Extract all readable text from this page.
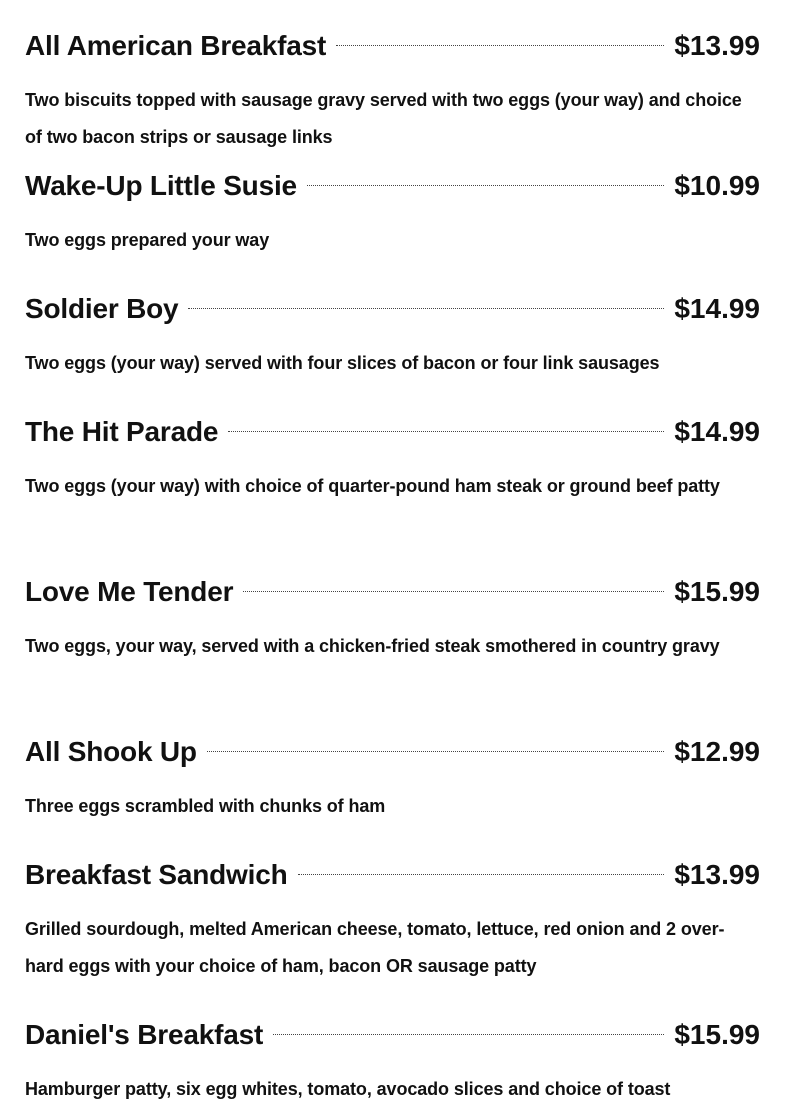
All American Breakfast	$13.99

Two biscuits topped with sausage gravy served with two eggs (your way) and choice of two bacon strips or sausage links

Wake-Up Little Susie	$10.99

Two eggs prepared your way

Soldier Boy	$14.99

Two eggs (your way) served with four slices of bacon or four link sausages

The Hit Parade	$14.99

Two eggs (your way) with choice of quarter-pound ham steak or ground beef patty

Love Me Tender	$15.99

Two eggs, your way, served with a chicken-fried steak smothered in country gravy

All Shook Up	$12.99

Three eggs scrambled with chunks of ham

Breakfast Sandwich	$13.99

Grilled sourdough, melted American cheese, tomato, lettuce, red onion and 2 over-hard eggs with your choice of ham, bacon OR sausage patty

Daniel's Breakfast	$15.99

Hamburger patty, six egg whites, tomato, avocado slices and choice of toast
